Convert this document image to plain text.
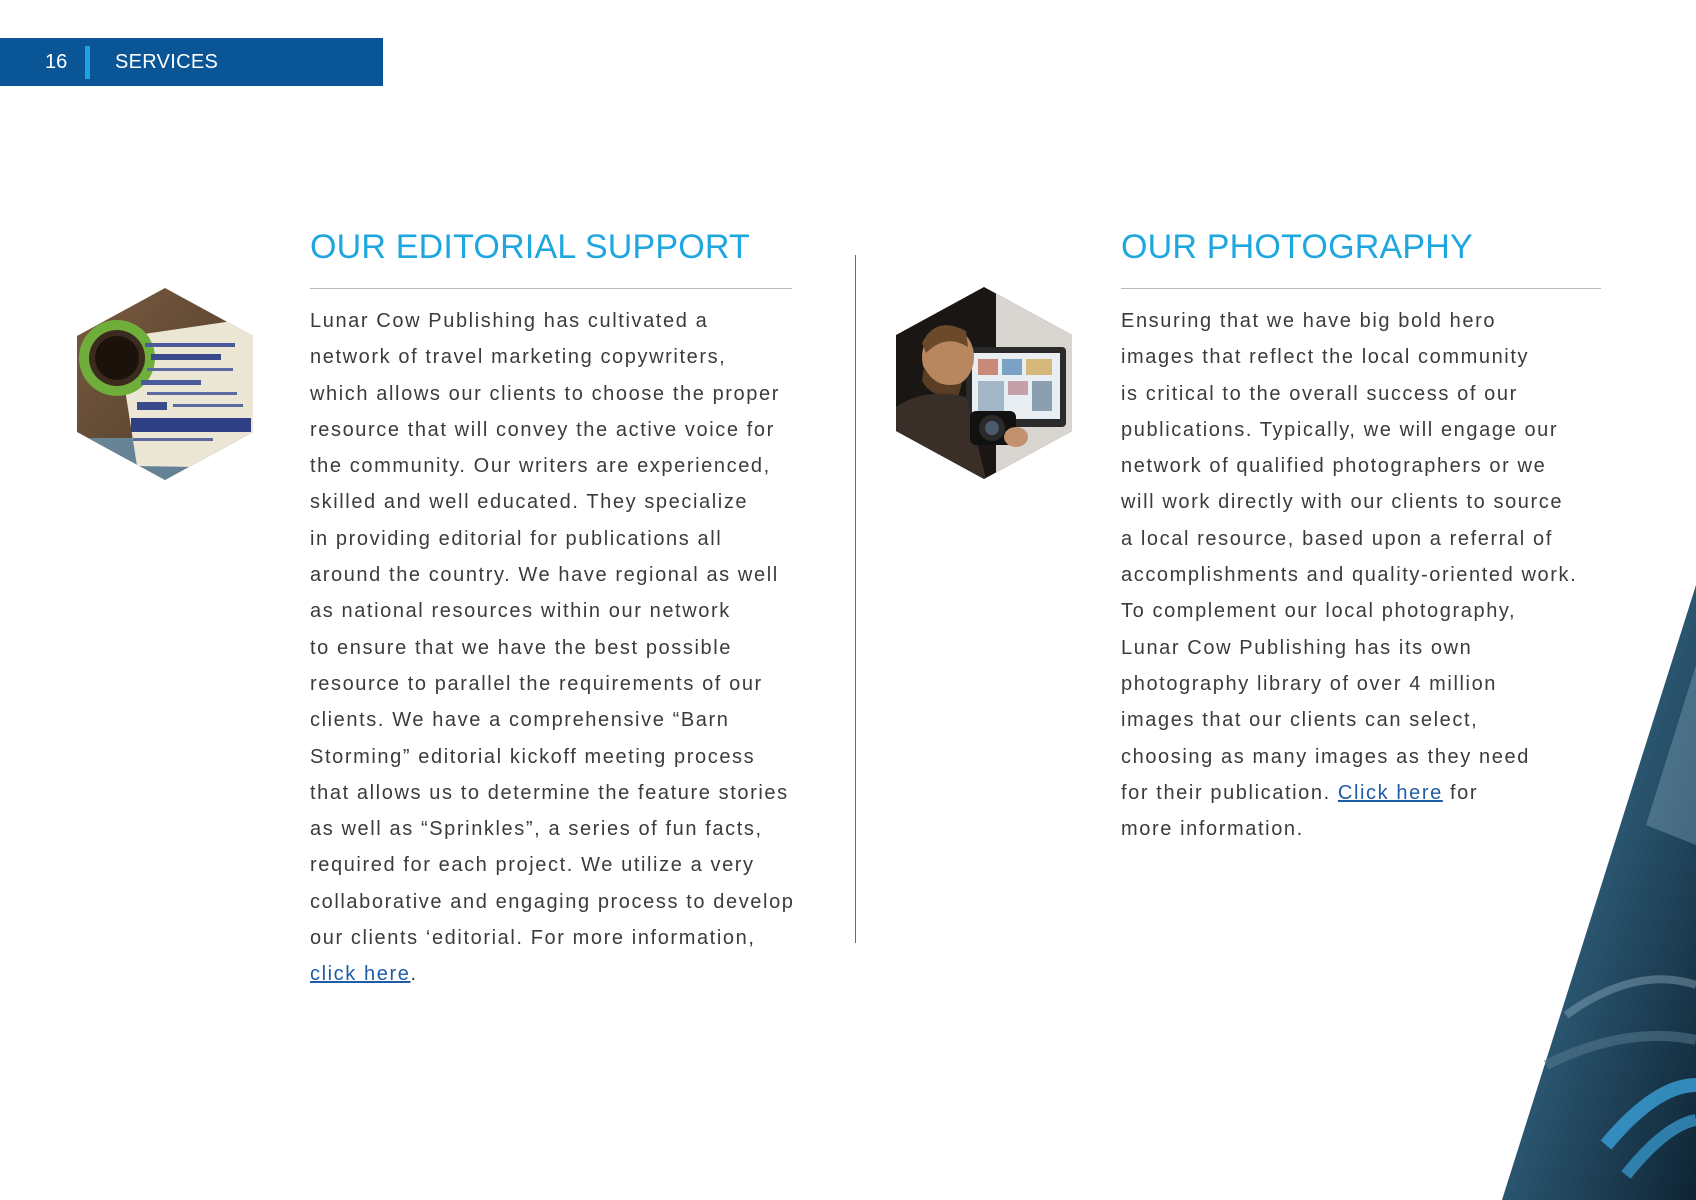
16 SERVICES
OUR EDITORIAL SUPPORT

Lunar Cow Publishing has cultivated a
network of travel marketing copywriters,
which allows our clients to choose the proper
resource that will convey the active voice for
the community. Our writers are experienced,
skilled and well educated. They specialize
in providing editorial for publications all
around the country. We have regional as well
as national resources within our network
to ensure that we have the best possible
resource to parallel the requirements of our
clients. We have a comprehensive “Barn
Storming” editorial kickoff meeting process
that allows us to determine the feature stories
as well as “Sprinkles”, a series of fun facts,
required for each project. We utilize a very
collaborative and engaging process to develop
our clients ‘editorial. For more information,
click here.

OUR PHOTOGRAPHY

Ensuring that we have big bold hero
images that reflect the local community
is critical to the overall success of our
publications. Typically, we will engage our
network of qualified photographers or we
will work directly with our clients to source
a local resource, based upon a referral of
accomplishments and quality-oriented work.
To complement our local photography,
Lunar Cow Publishing has its own
photography library of over 4 million
images that our clients can select,
choosing as many images as they need
for their publication. Click here for
more information.
